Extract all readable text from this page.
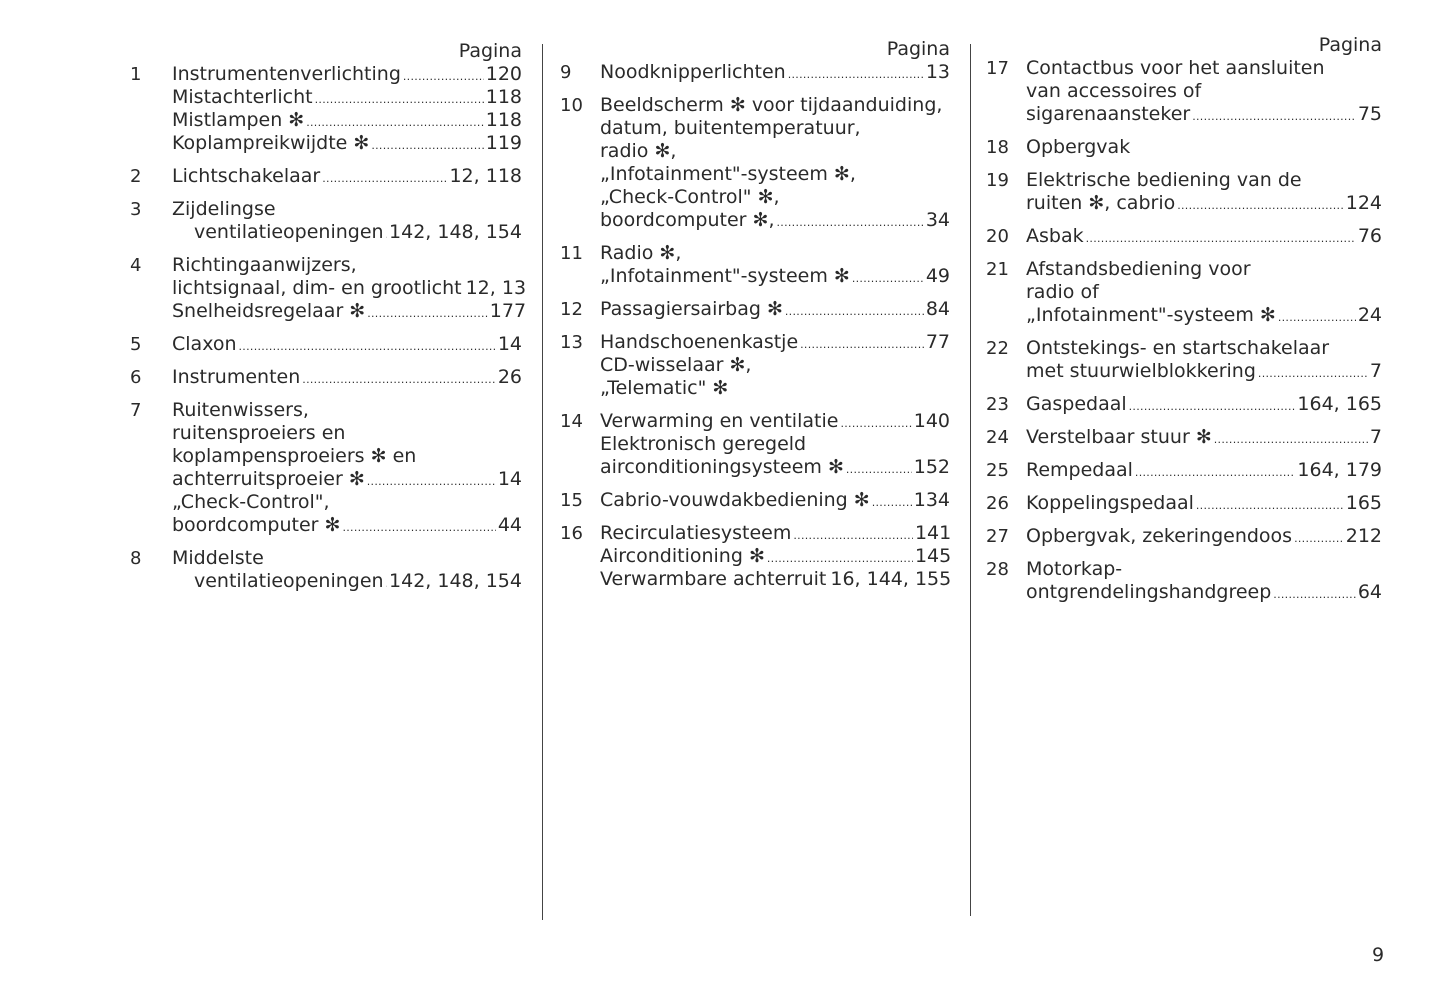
Pagina
1	Instrumentenverlichting . . .	120
Mistachterlicht . . .	118
Mistlampen ✻ . . .	118
Koplampreikwijdte ✻ . . .	119
2	Lichtschakelaar . . .	12, 118
3	Zijdelingse
ventilatieopeningen . . . 142, 148, 154
4	Richtingaanwijzers,
lichtsignaal, dim- en grootlicht 12, 13
Snelheidsregelaar ✻ . . .	177
5	Claxon . . .	14
6	Instrumenten . . .	26
7	Ruitenwissers,
ruitensproeiers en
koplampensproeiers ✻ en
achterruitsproeier ✻ . . .	14
„Check-Control",
boordcomputer ✻ . . .	44
8	Middelste
ventilatieopeningen . . . 142, 148, 154
Pagina
9	Noodknipperlichten . . .	13
10 Beeldscherm ✻ voor tijdaanduiding,
datum, buitentemperatuur,
radio ✻,
„Infotainment"-systeem ✻,
„Check-Control" ✻,
boordcomputer ✻, . . .	34
11 Radio ✻,
„Infotainment"-systeem ✻ . . .	49
12 Passagiersairbag ✻ . . .	84
13 Handschoenenkastje . . .	77
CD-wisselaar ✻,
„Telematic" ✻
14 Verwarming en ventilatie . . .	140
Elektronisch geregeld
airconditioningsysteem ✻ . . .	152
15 Cabrio-vouwdakbediening ✻ . . . 134
16 Recirculatiesysteem . . .	141
Airconditioning ✻ . . .	145
Verwarmbare achterruit 16, 144, 155
Pagina
17 Contactbus voor het aansluiten
van accessoires of
sigarenaansteker . . .	75
18 Opbergvak
19 Elektrische bediening van de
ruiten ✻, cabrio . . .	124
20 Asbak . . .	76
21 Afstandsbediening voor
radio of
„Infotainment"-systeem ✻ . . .	24
22 Ontstekings- en startschakelaar
met stuurwielblokkering . . .	7
23 Gaspedaal . . .	164, 165
24 Verstelbaar stuur ✻ . . .	7
25 Rempedaal . . .	164, 179
26 Koppelingspedaal . . .	165
27 Opbergvak, zekeringendoos . . .	212
28 Motorkap-
ontgrendelingshandgreep . . .	64
9
